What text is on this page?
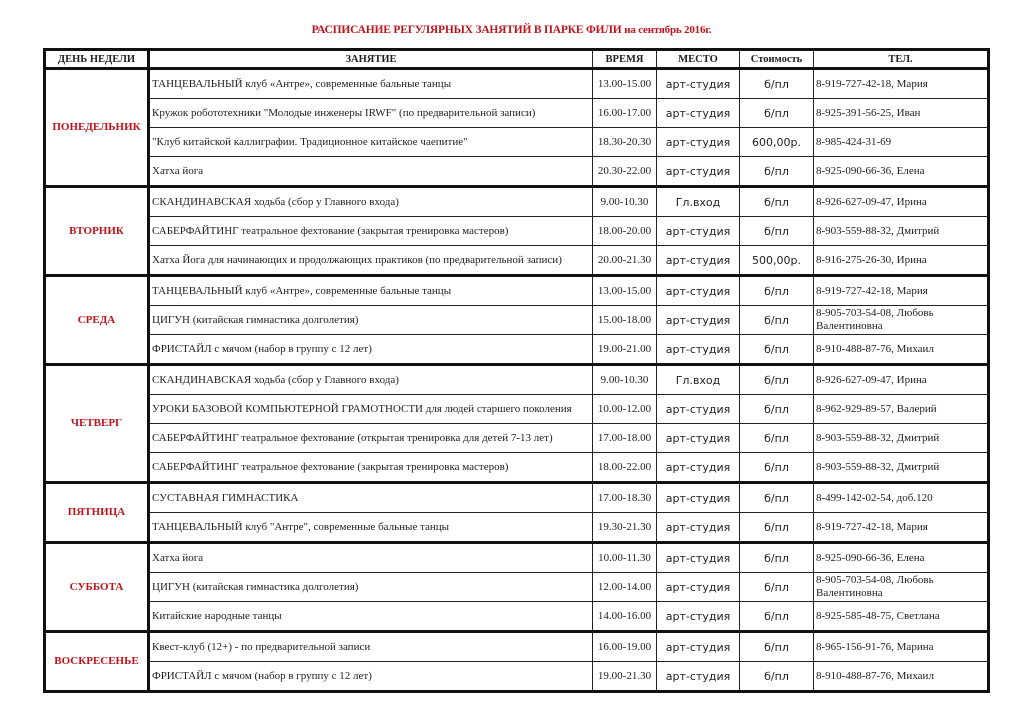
РАСПИСАНИЕ РЕГУЛЯРНЫХ ЗАНЯТИЙ В ПАРКЕ ФИЛИ на сентябрь 2016г.
ДЕНЬ НЕДЕЛИ	ЗАНЯТИЕ	ВРЕМЯ	МЕСТО	Стоимость	ТЕЛ.
ПОНЕДЕЛЬНИК	ТАНЦЕВАЛЬНЫЙ клуб «Антре», современные бальные танцы	13.00-15.00	арт-студия	б/пл	8-919-727-42-18, Мария
	Кружок робототехники "Молодые инженеры IRWF" (по предварительной записи)	16.00-17.00	арт-студия	б/пл	8-925-391-56-25, Иван
	"Клуб китайской каллиграфии. Традиционное китайское чаепитие"	18.30-20.30	арт-студия	600,00р.	8-985-424-31-69
	Хатха йога	20.30-22.00	арт-студия	б/пл	8-925-090-66-36, Елена
ВТОРНИК	СКАНДИНАВСКАЯ ходьба (сбор у Главного входа)	9.00-10.30	Гл.вход	б/пл	8-926-627-09-47, Ирина
	САБЕРФАЙТИНГ театральное фехтование (закрытая тренировка мастеров)	18.00-20.00	арт-студия	б/пл	8-903-559-88-32, Дмитрий
	Хатха Йога для начинающих и продолжающих практиков (по предварительной записи)	20.00-21.30	арт-студия	500,00р.	8-916-275-26-30, Ирина
СРЕДА	ТАНЦЕВАЛЬНЫЙ клуб «Антре», современные бальные танцы	13.00-15.00	арт-студия	б/пл	8-919-727-42-18, Мария
	ЦИГУН (китайская гимнастика долголетия)	15.00-18.00	арт-студия	б/пл	8-905-703-54-08, Любовь Валентиновна
	ФРИСТАЙЛ с мячом (набор в группу с 12 лет)	19.00-21.00	арт-студия	б/пл	8-910-488-87-76, Михаил
ЧЕТВЕРГ	СКАНДИНАВСКАЯ ходьба (сбор у Главного входа)	9.00-10.30	Гл.вход	б/пл	8-926-627-09-47, Ирина
	УРОКИ БАЗОВОЙ КОМПЬЮТЕРНОЙ ГРАМОТНОСТИ для людей старшего поколения	10.00-12.00	арт-студия	б/пл	8-962-929-89-57, Валерий
	САБЕРФАЙТИНГ театральное фехтование (открытая тренировка для детей 7-13 лет)	17.00-18.00	арт-студия	б/пл	8-903-559-88-32, Дмитрий
	САБЕРФАЙТИНГ театральное фехтование (закрытая тренировка мастеров)	18.00-22.00	арт-студия	б/пл	8-903-559-88-32, Дмитрий
ПЯТНИЦА	СУСТАВНАЯ ГИМНАСТИКА	17.00-18.30	арт-студия	б/пл	8-499-142-02-54, доб.120
	ТАНЦЕВАЛЬНЫЙ клуб "Антре", современные бальные танцы	19.30-21.30	арт-студия	б/пл	8-919-727-42-18, Мария
СУББОТА	Хатха йога	10.00-11.30	арт-студия	б/пл	8-925-090-66-36, Елена
	ЦИГУН (китайская гимнастика долголетия)	12.00-14.00	арт-студия	б/пл	8-905-703-54-08, Любовь Валентиновна
	Китайские народные танцы	14.00-16.00	арт-студия	б/пл	8-925-585-48-75, Светлана
ВОСКРЕСЕНЬЕ	Квест-клуб (12+) - по предварительной записи	16.00-19.00	арт-студия	б/пл	8-965-156-91-76, Марина
	ФРИСТАЙЛ с мячом (набор в группу с 12 лет)	19.00-21.30	арт-студия	б/пл	8-910-488-87-76, Михаил
